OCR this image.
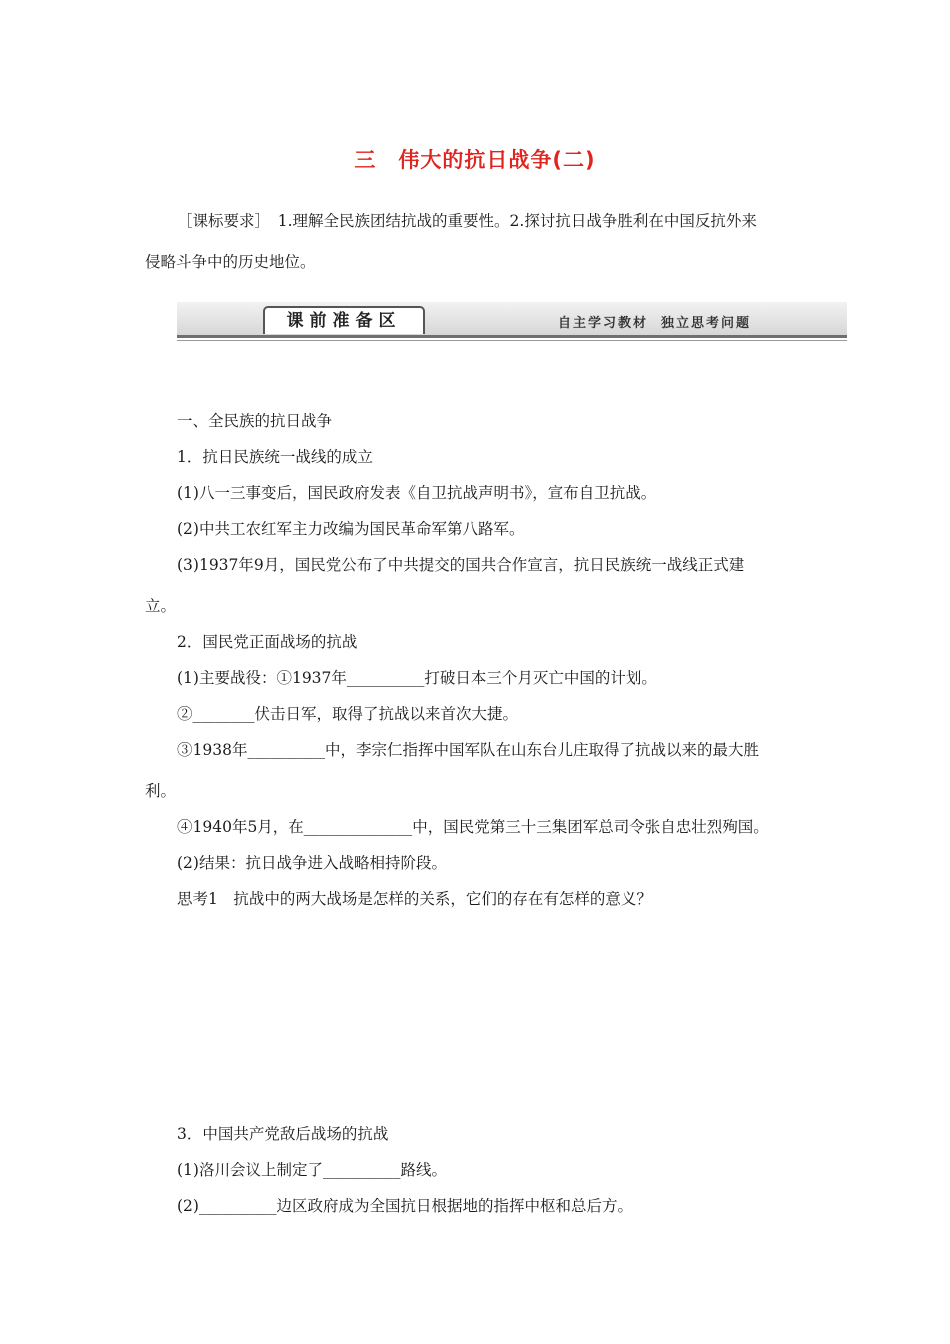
三　伟大的抗日战争(二)
［课标要求］　1.理解全民族团结抗战的重要性。2.探讨抗日战争胜利在中国反抗外来
侵略斗争中的历史地位。
课前准备区	自主学习教材  独立思考问题
一、全民族的抗日战争
1．抗日民族统一战线的成立
(1)八一三事变后，国民政府发表《自卫抗战声明书》，宣布自卫抗战。
(2)中共工农红军主力改编为国民革命军第八路军。
(3)1937年9月，国民党公布了中共提交的国共合作宣言，抗日民族统一战线正式建
立。
2．国民党正面战场的抗战
(1)主要战役：①1937年__________打破日本三个月灭亡中国的计划。
②________伏击日军，取得了抗战以来首次大捷。
③1938年__________中，李宗仁指挥中国军队在山东台儿庄取得了抗战以来的最大胜
利。
④1940年5月，在______________中，国民党第三十三集团军总司令张自忠壮烈殉国。
(2)结果：抗日战争进入战略相持阶段。
思考1　抗战中的两大战场是怎样的关系，它们的存在有怎样的意义？
3．中国共产党敌后战场的抗战
(1)洛川会议上制定了__________路线。
(2)__________边区政府成为全国抗日根据地的指挥中枢和总后方。
